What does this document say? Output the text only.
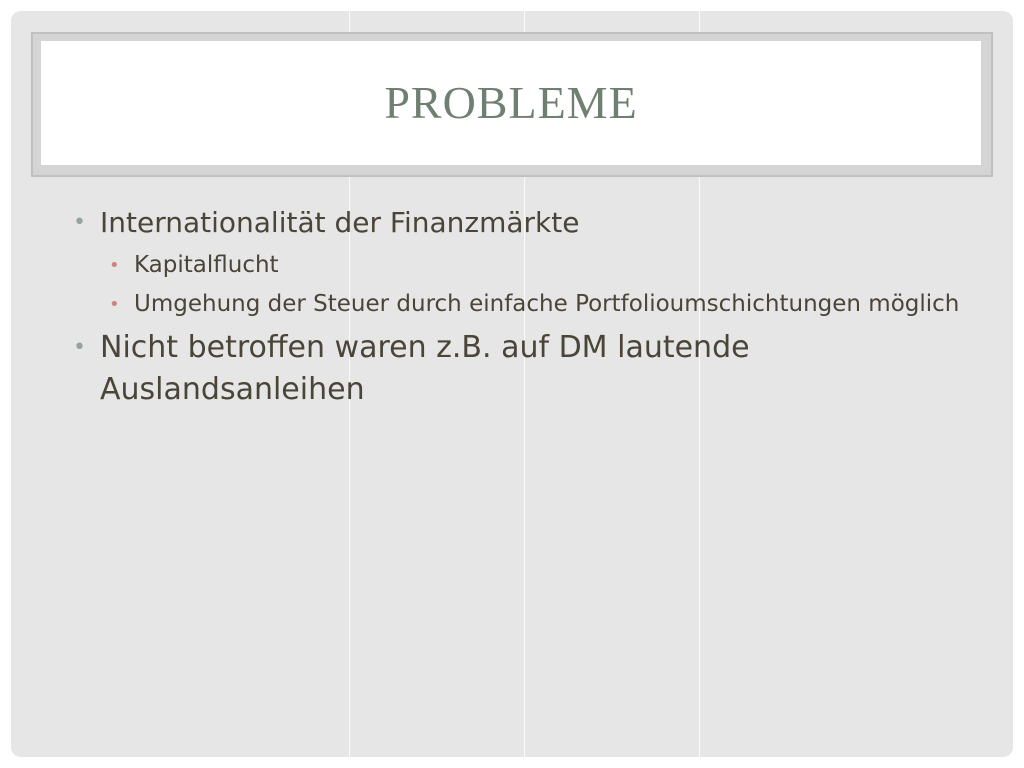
PROBLEME
• Internationalität der Finanzmärkte
• Kapitalflucht
• Umgehung der Steuer durch einfache Portfolioumschichtungen möglich
• Nicht betroffen waren z.B. auf DM lautende Auslandsanleihen
